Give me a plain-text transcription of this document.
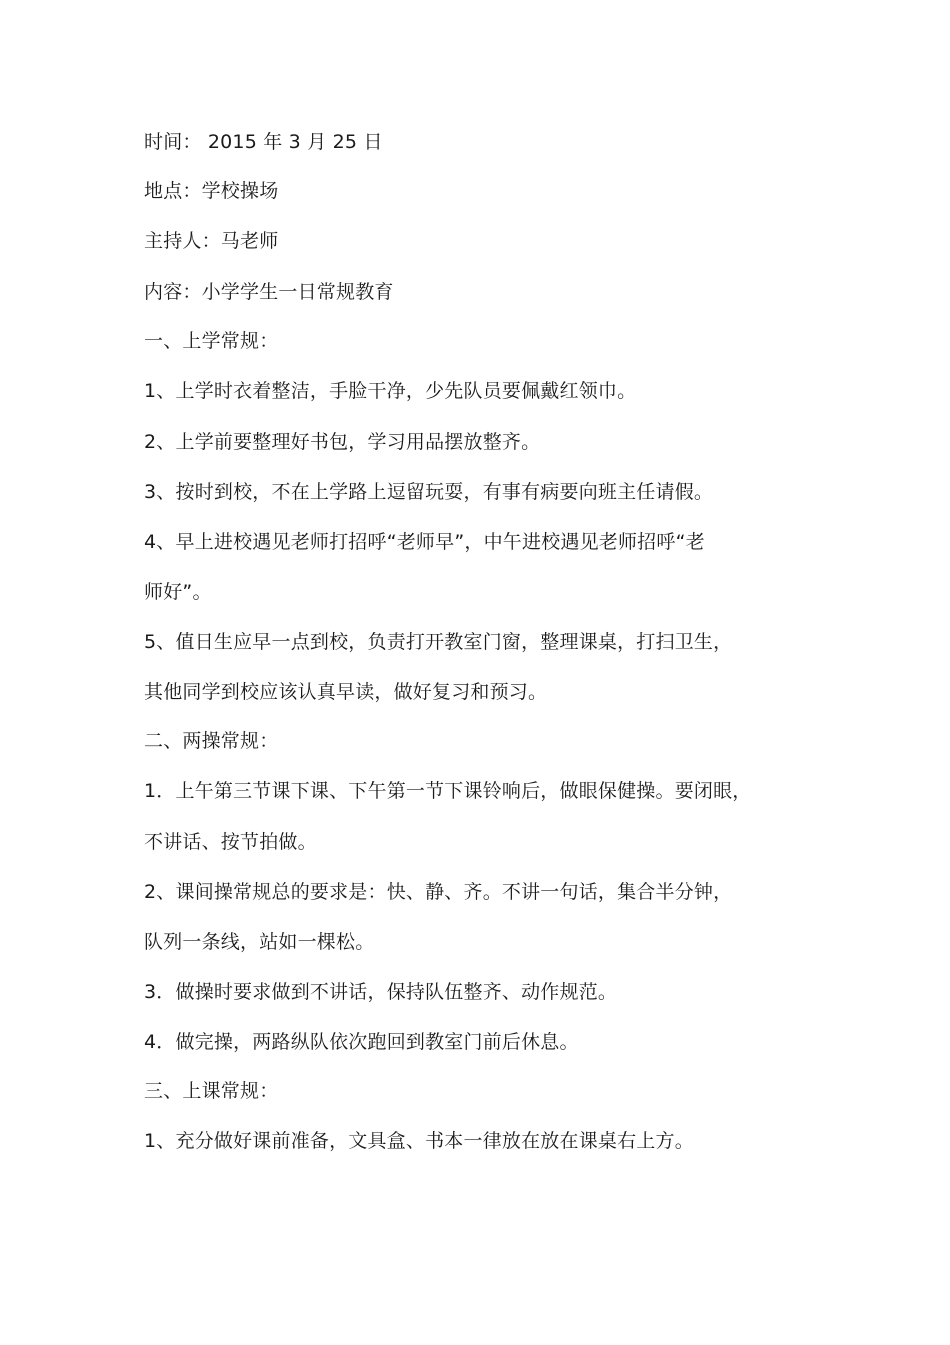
时间： 2015 年 3 月 25 日
地点：学校操场
主持人：马老师
内容：小学学生一日常规教育
一、上学常规：
1、上学时衣着整洁，手脸干净，少先队员要佩戴红领巾。
2、上学前要整理好书包，学习用品摆放整齐。
3、按时到校，不在上学路上逗留玩耍，有事有病要向班主任请假。
4、早上进校遇见老师打招呼“老师早”，中午进校遇见老师招呼“老
师好”。
5、值日生应早一点到校，负责打开教室门窗，整理课桌，打扫卫生，
其他同学到校应该认真早读，做好复习和预习。
二、两操常规：
1．上午第三节课下课、下午第一节下课铃响后，做眼保健操。要闭眼，
不讲话、按节拍做。
2、课间操常规总的要求是：快、静、齐。不讲一句话，集合半分钟，
队列一条线，站如一棵松。
3．做操时要求做到不讲话，保持队伍整齐、动作规范。
4．做完操，两路纵队依次跑回到教室门前后休息。
三、上课常规：
1、充分做好课前准备，文具盒、书本一律放在放在课桌右上方。
